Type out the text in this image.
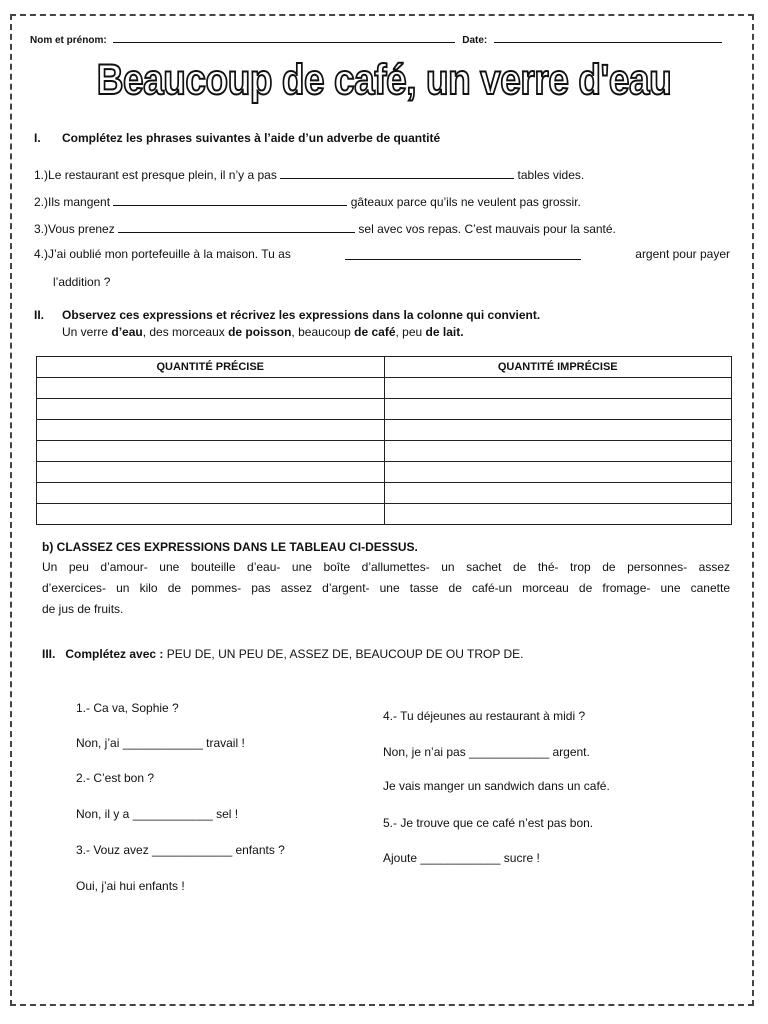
Nom et prénom:	Date:
Beaucoup de café, un verre d'eau
I. Complétez les phrases suivantes à l’aide d’un adverbe de quantité
1.)Le restaurant est presque plein, il n’y a pas	tables vides.
2.)Ils mangent	gâteaux parce qu’ils ne veulent pas grossir.
3.)Vous prenez	sel avec vos repas. C’est mauvais pour la santé.
4.)J’ai oublié mon portefeuille à la maison. Tu as	argent pour payer
l’addition ?
II. Observez ces expressions et récrivez les expressions dans la colonne qui convient.
Un verre d’eau, des morceaux de poisson, beaucoup de café, peu de lait.
QUANTITÉ PRÉCISE	QUANTITÉ IMPRÉCISE

b) CLASSEZ CES EXPRESSIONS DANS LE TABLEAU CI-DESSUS.
Un peu d’amour- une bouteille d’eau- une boîte d’allumettes- un sachet de thé- trop de personnes- assez
d’exercices- un kilo de pommes- pas assez d’argent- une tasse de café-un morceau de fromage- une canette
de jus de fruits.
III. Complétez avec : PEU DE, UN PEU DE, ASSEZ DE, BEAUCOUP DE OU TROP DE.
1.- Ca va, Sophie ?
Non, j’ai ____________ travail !
2.- C’est bon ?
Non, il y a ____________ sel !
3.- Vouz avez ____________ enfants ?
Oui, j’ai hui enfants !
4.- Tu déjeunes au restaurant à midi ?
Non, je n’ai pas ____________ argent.
Je vais manger un sandwich dans un café.
5.- Je trouve que ce café n’est pas bon.
Ajoute ____________ sucre !
